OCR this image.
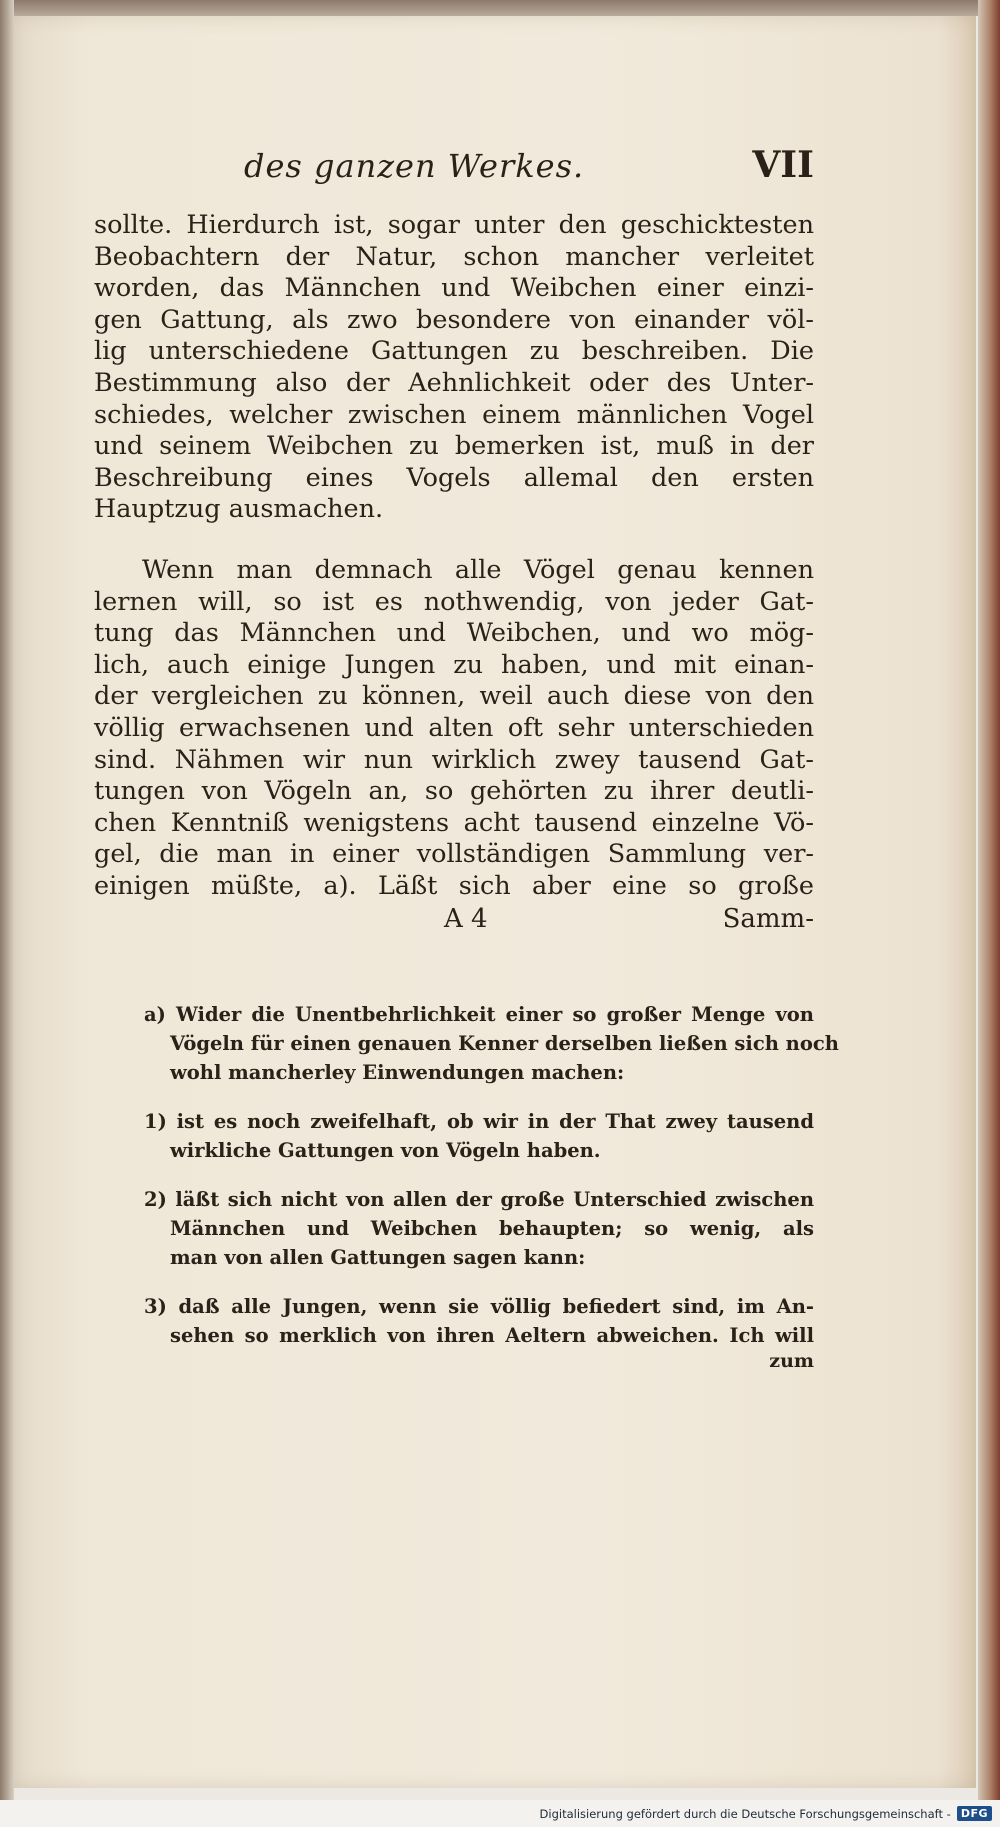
des ganzen Werkes.	VII
sollte. Hierdurch ist, sogar unter den geschicktesten
Beobachtern der Natur, schon mancher verleitet
worden, das Männchen und Weibchen einer einzi-
gen Gattung, als zwo besondere von einander völ-
lig unterschiedene Gattungen zu beschreiben. Die
Bestimmung also der Aehnlichkeit oder des Unter-
schiedes, welcher zwischen einem männlichen Vogel
und seinem Weibchen zu bemerken ist, muß in der
Beschreibung eines Vogels allemal den ersten
Hauptzug ausmachen.
Wenn man demnach alle Vögel genau kennen
lernen will, so ist es nothwendig, von jeder Gat-
tung das Männchen und Weibchen, und wo mög-
lich, auch einige Jungen zu haben, und mit einan-
der vergleichen zu können, weil auch diese von den
völlig erwachsenen und alten oft sehr unterschieden
sind. Nähmen wir nun wirklich zwey tausend Gat-
tungen von Vögeln an, so gehörten zu ihrer deutli-
chen Kenntniß wenigstens acht tausend einzelne Vö-
gel, die man in einer vollständigen Sammlung ver-
einigen müßte, a). Läßt sich aber eine so große
A 4	Samm-
a) Wider die Unentbehrlichkeit einer so großer Menge von
Vögeln für einen genauen Kenner derselben ließen sich noch
wohl mancherley Einwendungen machen:
1) ist es noch zweifelhaft, ob wir in der That zwey tausend
wirkliche Gattungen von Vögeln haben.
2) läßt sich nicht von allen der große Unterschied zwischen
Männchen und Weibchen behaupten; so wenig, als
man von allen Gattungen sagen kann:
3) daß alle Jungen, wenn sie völlig befiedert sind, im An-
sehen so merklich von ihren Aeltern abweichen. Ich will
zum
Digitalisierung gefördert durch die Deutsche Forschungsgemeinschaft - DFG
